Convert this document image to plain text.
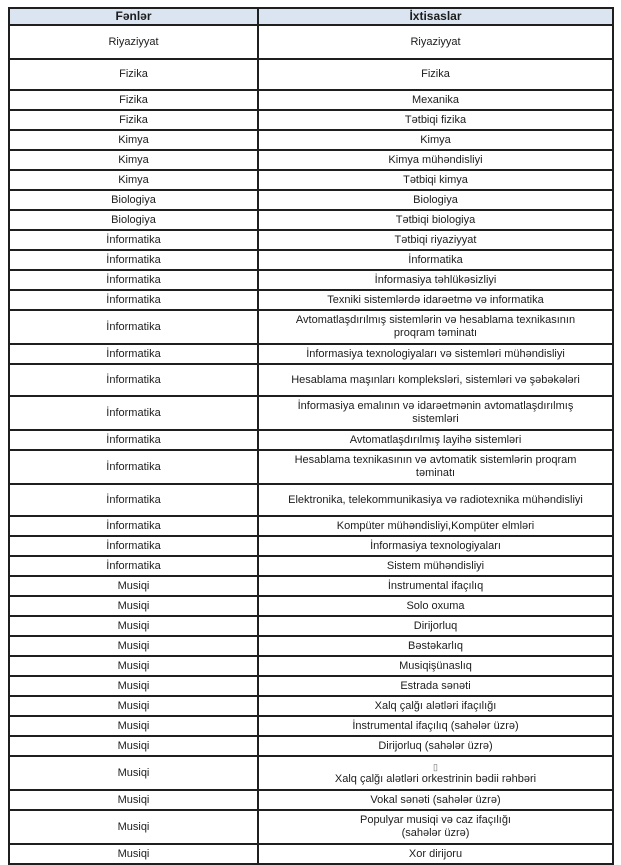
Fənlər	İxtisaslar
Riyaziyyat	Riyaziyyat

Fizika	Fizika

Fizika	Mexanika

Fizika	Tətbiqi fizika

Kimya	Kimya

Kimya	Kimya mühəndisliyi

Kimya	Tətbiqi kimya

Biologiya	Biologiya

Biologiya	Tətbiqi biologiya

İnformatika	Tətbiqi riyaziyyat

İnformatika	İnformatika

İnformatika	İnformasiya təhlükəsizliyi

İnformatika	Texniki sistemlərdə idarəetmə və informatika

İnformatika	Avtomatlaşdırılmış sistemlərin və hesablama texnikasının
proqram təminatı

İnformatika	İnformasiya texnologiyaları və sistemləri mühəndisliyi

İnformatika	Hesablama maşınları kompleksləri, sistemləri və şəbəkələri

İnformatika	İnformasiya emalının və idarəetmənin avtomatlaşdırılmış
sistemləri

İnformatika	Avtomatlaşdırılmış layihə sistemləri

İnformatika	Hesablama texnikasının və avtomatik sistemlərin proqram
təminatı

İnformatika	Elektronika, telekommunikasiya və radiotexnika mühəndisliyi

İnformatika	Kompüter mühəndisliyi,Kompüter elmləri

İnformatika	İnformasiya texnologiyaları

İnformatika	Sistem mühəndisliyi

Musiqi	İnstrumental ifaçılıq

Musiqi	Solo oxuma

Musiqi	Dirijorluq

Musiqi	Bəstəkarlıq

Musiqi	Musiqişünaslıq

Musiqi	Estrada sənəti

Musiqi	Xalq çalğı alətləri ifaçılığı

Musiqi	İnstrumental ifaçılıq (sahələr üzrə)

Musiqi	Dirijorluq (sahələr üzrə)

Musiqi	▯
Xalq çalğı alətləri orkestrinin bədii rəhbəri

Musiqi	Vokal sənəti (sahələr üzrə)

Musiqi	Populyar musiqi və caz ifaçılığı
(sahələr üzrə)

Musiqi	Xor dirijoru
